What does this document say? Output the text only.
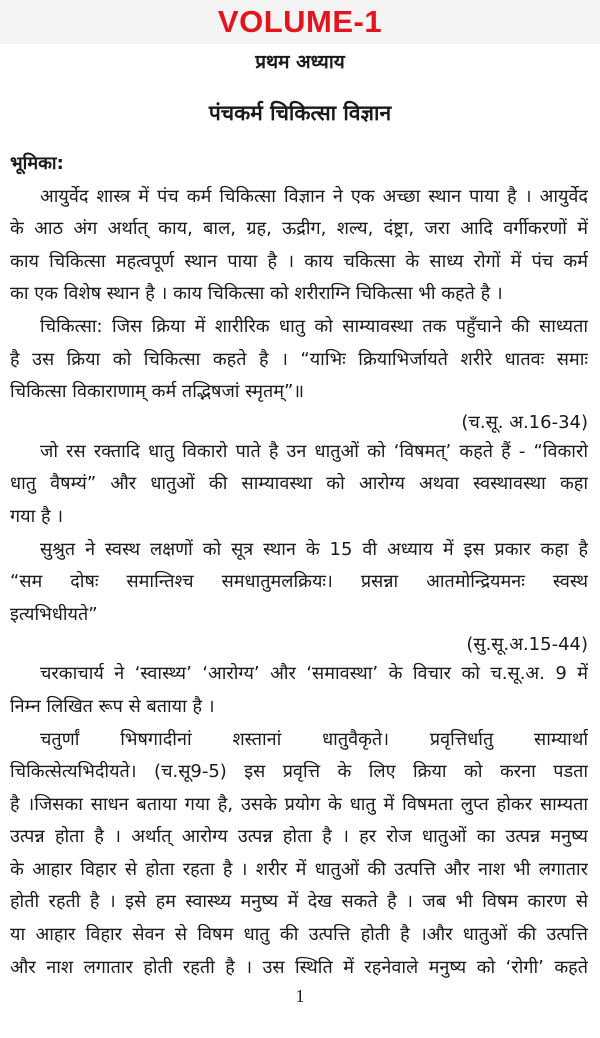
VOLUME-1
प्रथम अध्याय
पंचकर्म चिकित्सा विज्ञान
भूमिका:
आयुर्वेद शास्त्र में पंच कर्म चिकित्सा विज्ञान ने एक अच्छा स्थान पाया है । आयुर्वेद
के आठ अंग अर्थात् काय, बाल, ग्रह, ऊद्रीग, शल्य, दंष्ट्रा, जरा आदि वर्गीकरणों में
काय चिकित्सा महत्वपूर्ण स्थान पाया है । काय चकित्सा के साध्य रोगों में पंच कर्म
का एक विशेष स्थान है । काय चिकित्सा को शरीराग्नि चिकित्सा भी कहते है ।
चिकित्सा: जिस क्रिया में शारीरिक धातु को साम्यावस्था तक पहुँचाने की साध्यता
है उस क्रिया को चिकित्सा कहते है । “याभिः क्रियाभिर्जायते शरीरे धातवः समाः
चिकित्सा विकाराणाम् कर्म तद्भिषजां स्मृतम्”॥
(च.सू. अ.16-34)
जो रस रक्तादि धातु विकारो पाते है उन धातुओं को ‘विषमत्’ कहते हैं - “विकारो
धातु वैषम्यं” और धातुओं की साम्यावस्था को आरोग्य अथवा स्वस्थावस्था कहा
गया है ।
सुश्रुत ने स्वस्थ लक्षणों को सूत्र स्थान के 15 वी अध्याय में इस प्रकार कहा है
“सम दोषः समान्तिश्च समधातुमलक्रियः। प्रसन्ना आतमोन्द्रियमनः स्वस्थ
इत्यभिधीयते”
(सु.सू.अ.15-44)
चरकाचार्य ने ‘स्वास्थ्य’ ‘आरोग्य’ और ‘समावस्था’ के विचार को च.सू.अ. 9 में
निम्न लिखित रूप से बताया है ।
चतुर्णां भिषगादीनां शस्तानां धातुवैकृते। प्रवृत्तिर्धातु साम्यार्था
चिकित्सेत्यभिदीयते। (च.सू9-5) इस प्रवृत्ति के लिए क्रिया को करना पडता
है ।जिसका साधन बताया गया है, उसके प्रयोग के धातु में विषमता लुप्त होकर साम्यता
उत्पन्न होता है । अर्थात् आरोग्य उत्पन्न होता है । हर रोज धातुओं का उत्पन्न मनुष्य
के आहार विहार से होता रहता है । शरीर में धातुओं की उत्पत्ति और नाश भी लगातार
होती रहती है । इसे हम स्वास्थ्य मनुष्य में देख सकते है । जब भी विषम कारण से
या आहार विहार सेवन से विषम धातु की उत्पत्ति होती है ।और धातुओं की उत्पत्ति
और नाश लगातार होती रहती है । उस स्थिति में रहनेवाले मनुष्य को ‘रोगी’ कहते
1
